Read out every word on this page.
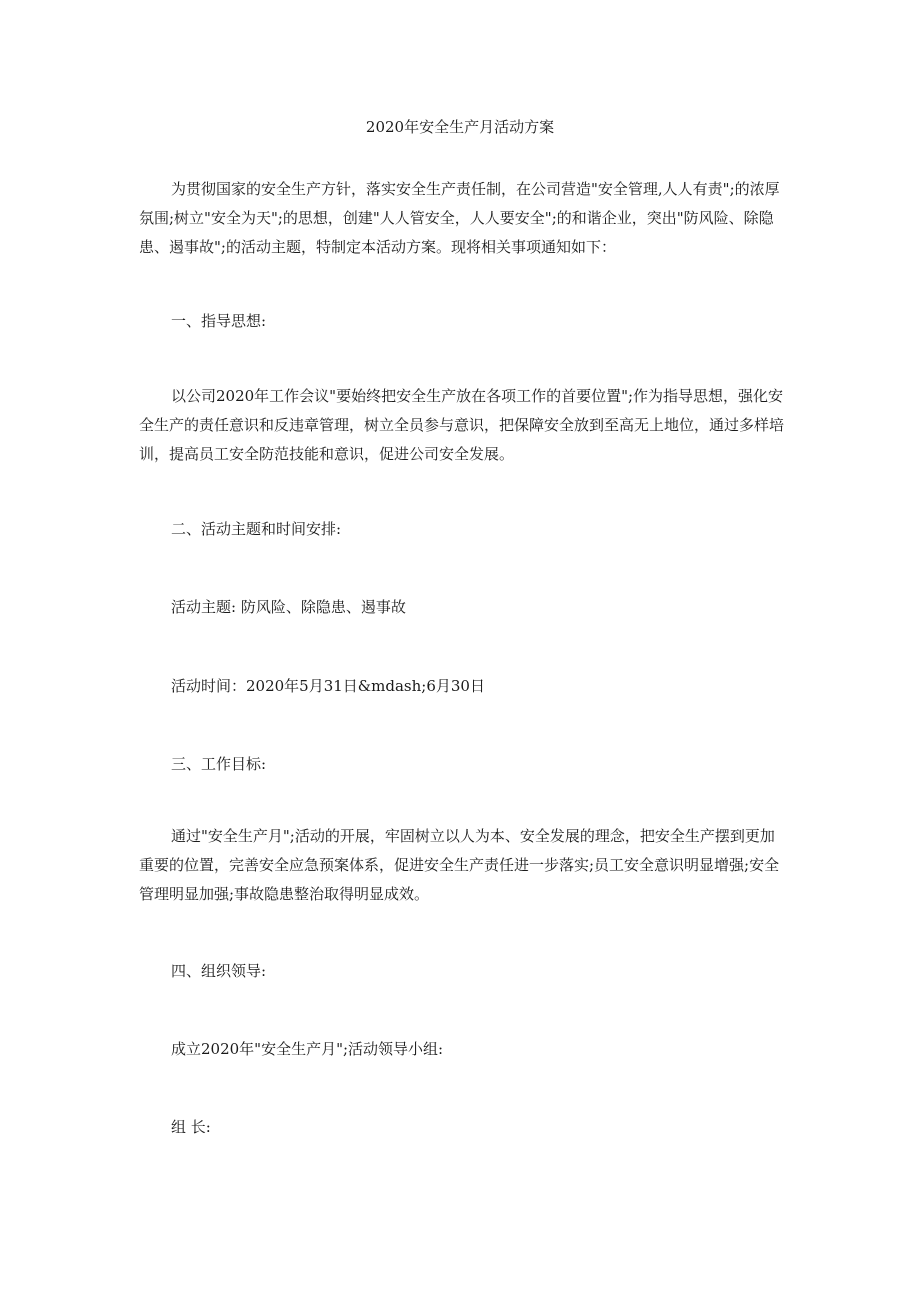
2020年安全生产月活动方案

为贯彻国家的安全生产方针，落实安全生产责任制，在公司营造"安全管理,人人有责";的浓厚氛围;树立"安全为天";的思想，创建"人人管安全，人人要安全";的和谐企业，突出"防风险、除隐患、遏事故";的活动主题，特制定本活动方案。现将相关事项通知如下：

一、指导思想:

以公司2020年工作会议"要始终把安全生产放在各项工作的首要位置";作为指导思想，强化安全生产的责任意识和反违章管理，树立全员参与意识，把保障安全放到至高无上地位，通过多样培训，提高员工安全防范技能和意识，促进公司安全发展。

二、活动主题和时间安排:
活动主题: 防风险、除隐患、遏事故
活动时间：2020年5月31日&mdash;6月30日
三、工作目标:

通过"安全生产月";活动的开展，牢固树立以人为本、安全发展的理念，把安全生产摆到更加重要的位置，完善安全应急预案体系，促进安全生产责任进一步落实;员工安全意识明显增强;安全管理明显加强;事故隐患整治取得明显成效。

四、组织领导:
成立2020年"安全生产月";活动领导小组:
组 长:
